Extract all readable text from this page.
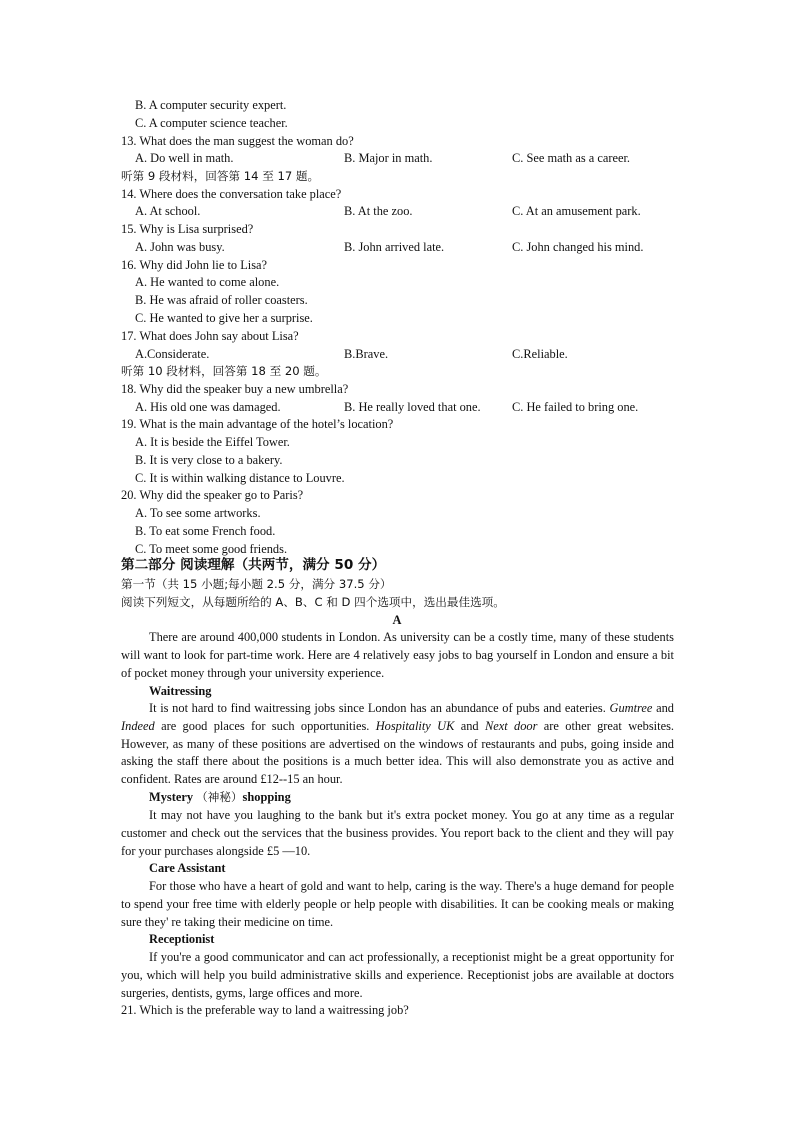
B. A computer security expert.
C. A computer science teacher.
13. What does the man suggest the woman do?
A. Do well in math.	B. Major in math.	C. See math as a career.
听第 9 段材料，回答第 14 至 17 题。
14. Where does the conversation take place?
A. At school.	B. At the zoo.	C. At an amusement park.
15. Why is Lisa surprised?
A. John was busy.	B. John arrived late.	C. John changed his mind.
16. Why did John lie to Lisa?
A. He wanted to come alone.
B. He was afraid of roller coasters.
C. He wanted to give her a surprise.
17. What does John say about Lisa?
A.Considerate.	B.Brave.	C.Reliable.
听第 10 段材料，回答第 18 至 20 题。
18. Why did the speaker buy a new umbrella?
A. His old one was damaged.	B. He really loved that one.	C. He failed to bring one.
19. What is the main advantage of the hotel’s location?
A. It is beside the Eiffel Tower.
B. It is very close to a bakery.
C. It is within walking distance to Louvre.
20. Why did the speaker go to Paris?
A. To see some artworks.
B. To eat some French food.
C. To meet some good friends.
第二部分 阅读理解（共两节，满分 50 分）
第一节（共 15 小题;每小题 2.5 分，满分 37.5 分）
阅读下列短文，从每题所给的 A、B、C 和 D 四个选项中，选出最佳选项。
A

There are around 400,000 students in London. As university can be a costly time, many of these students will want to look for part-time work. Here are 4 relatively easy jobs to bag yourself in London and ensure a bit of pocket money through your university experience.

Waitressing

It is not hard to find waitressing jobs since London has an abundance of pubs and eateries. Gumtree and Indeed are good places for such opportunities. Hospitality UK and Next door are other great websites. However, as many of these positions are advertised on the windows of restaurants and pubs, going inside and asking the staff there about the positions is a much better idea. This will also demonstrate you as active and confident. Rates are around £12--15 an hour.

Mystery （神秘）shopping

It may not have you laughing to the bank but it's extra pocket money. You go at any time as a regular customer and check out the services that the business provides. You report back to the client and they will pay for your purchases alongside £5 —10.

Care Assistant

For those who have a heart of gold and want to help, caring is the way. There's a huge demand for people to spend your free time with elderly people or help people with disabilities. It can be cooking meals or making sure they' re taking their medicine on time.

Receptionist

If you're a good communicator and can act professionally, a receptionist might be a great opportunity for you, which will help you build administrative skills and experience. Receptionist jobs are available at doctors surgeries, dentists, gyms, large offices and more.

21. Which is the preferable way to land a waitressing job?
